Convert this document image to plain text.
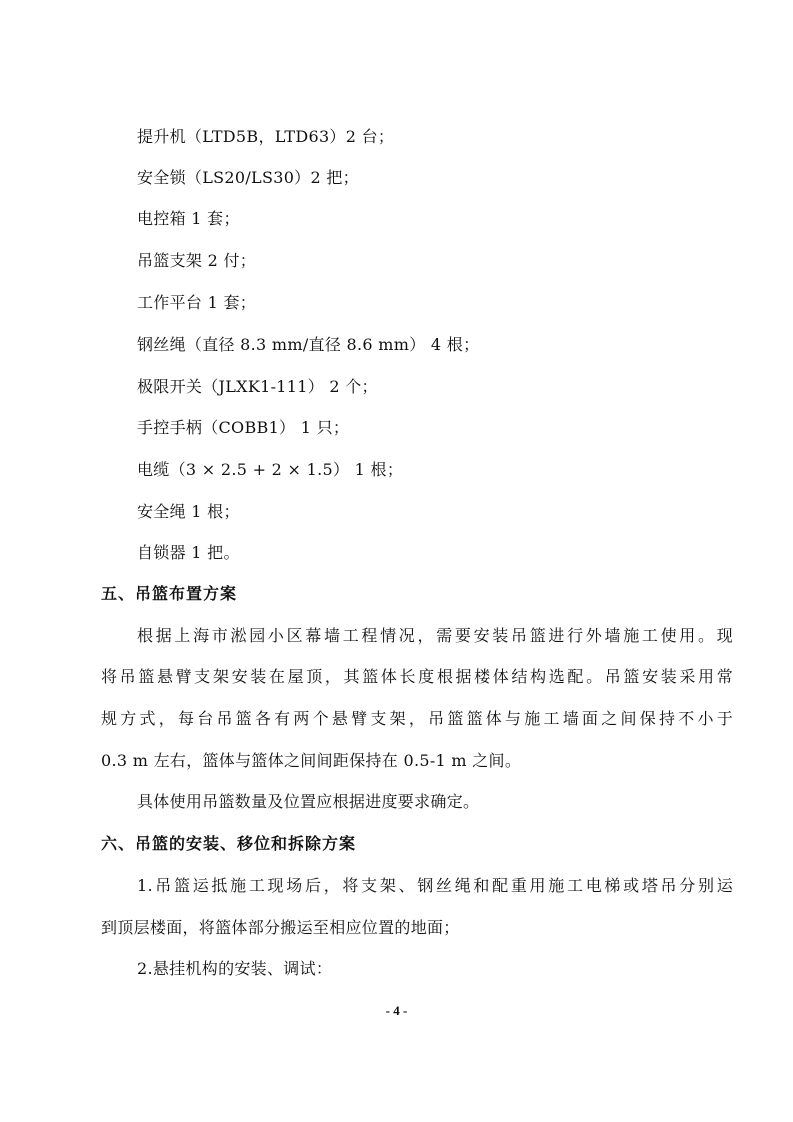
提升机（LTD5B，LTD63）2 台；
安全锁（LS20/LS30）2 把；
电控箱 1 套；
吊篮支架 2 付；
工作平台 1 套；
钢丝绳（直径 8.3 mm/直径 8.6 mm） 4 根；
极限开关（JLXK1-111） 2 个；
手控手柄（COBB1） 1 只；
电缆（3 × 2.5 + 2 × 1.5） 1 根；
安全绳 1 根；
自锁器 1 把。
五、吊篮布置方案
根据上海市淞园小区幕墙工程情况，需要安装吊篮进行外墙施工使用。现
将吊篮悬臂支架安装在屋顶，其篮体长度根据楼体结构选配。吊篮安装采用常
规方式，每台吊篮各有两个悬臂支架，吊篮篮体与施工墙面之间保持不小于
0.3 m 左右，篮体与篮体之间间距保持在 0.5-1 m 之间。
具体使用吊篮数量及位置应根据进度要求确定。
六、吊篮的安装、移位和拆除方案
1.吊篮运抵施工现场后，将支架、钢丝绳和配重用施工电梯或塔吊分别运
到顶层楼面，将篮体部分搬运至相应位置的地面；
2.悬挂机构的安装、调试：
- 4 -
